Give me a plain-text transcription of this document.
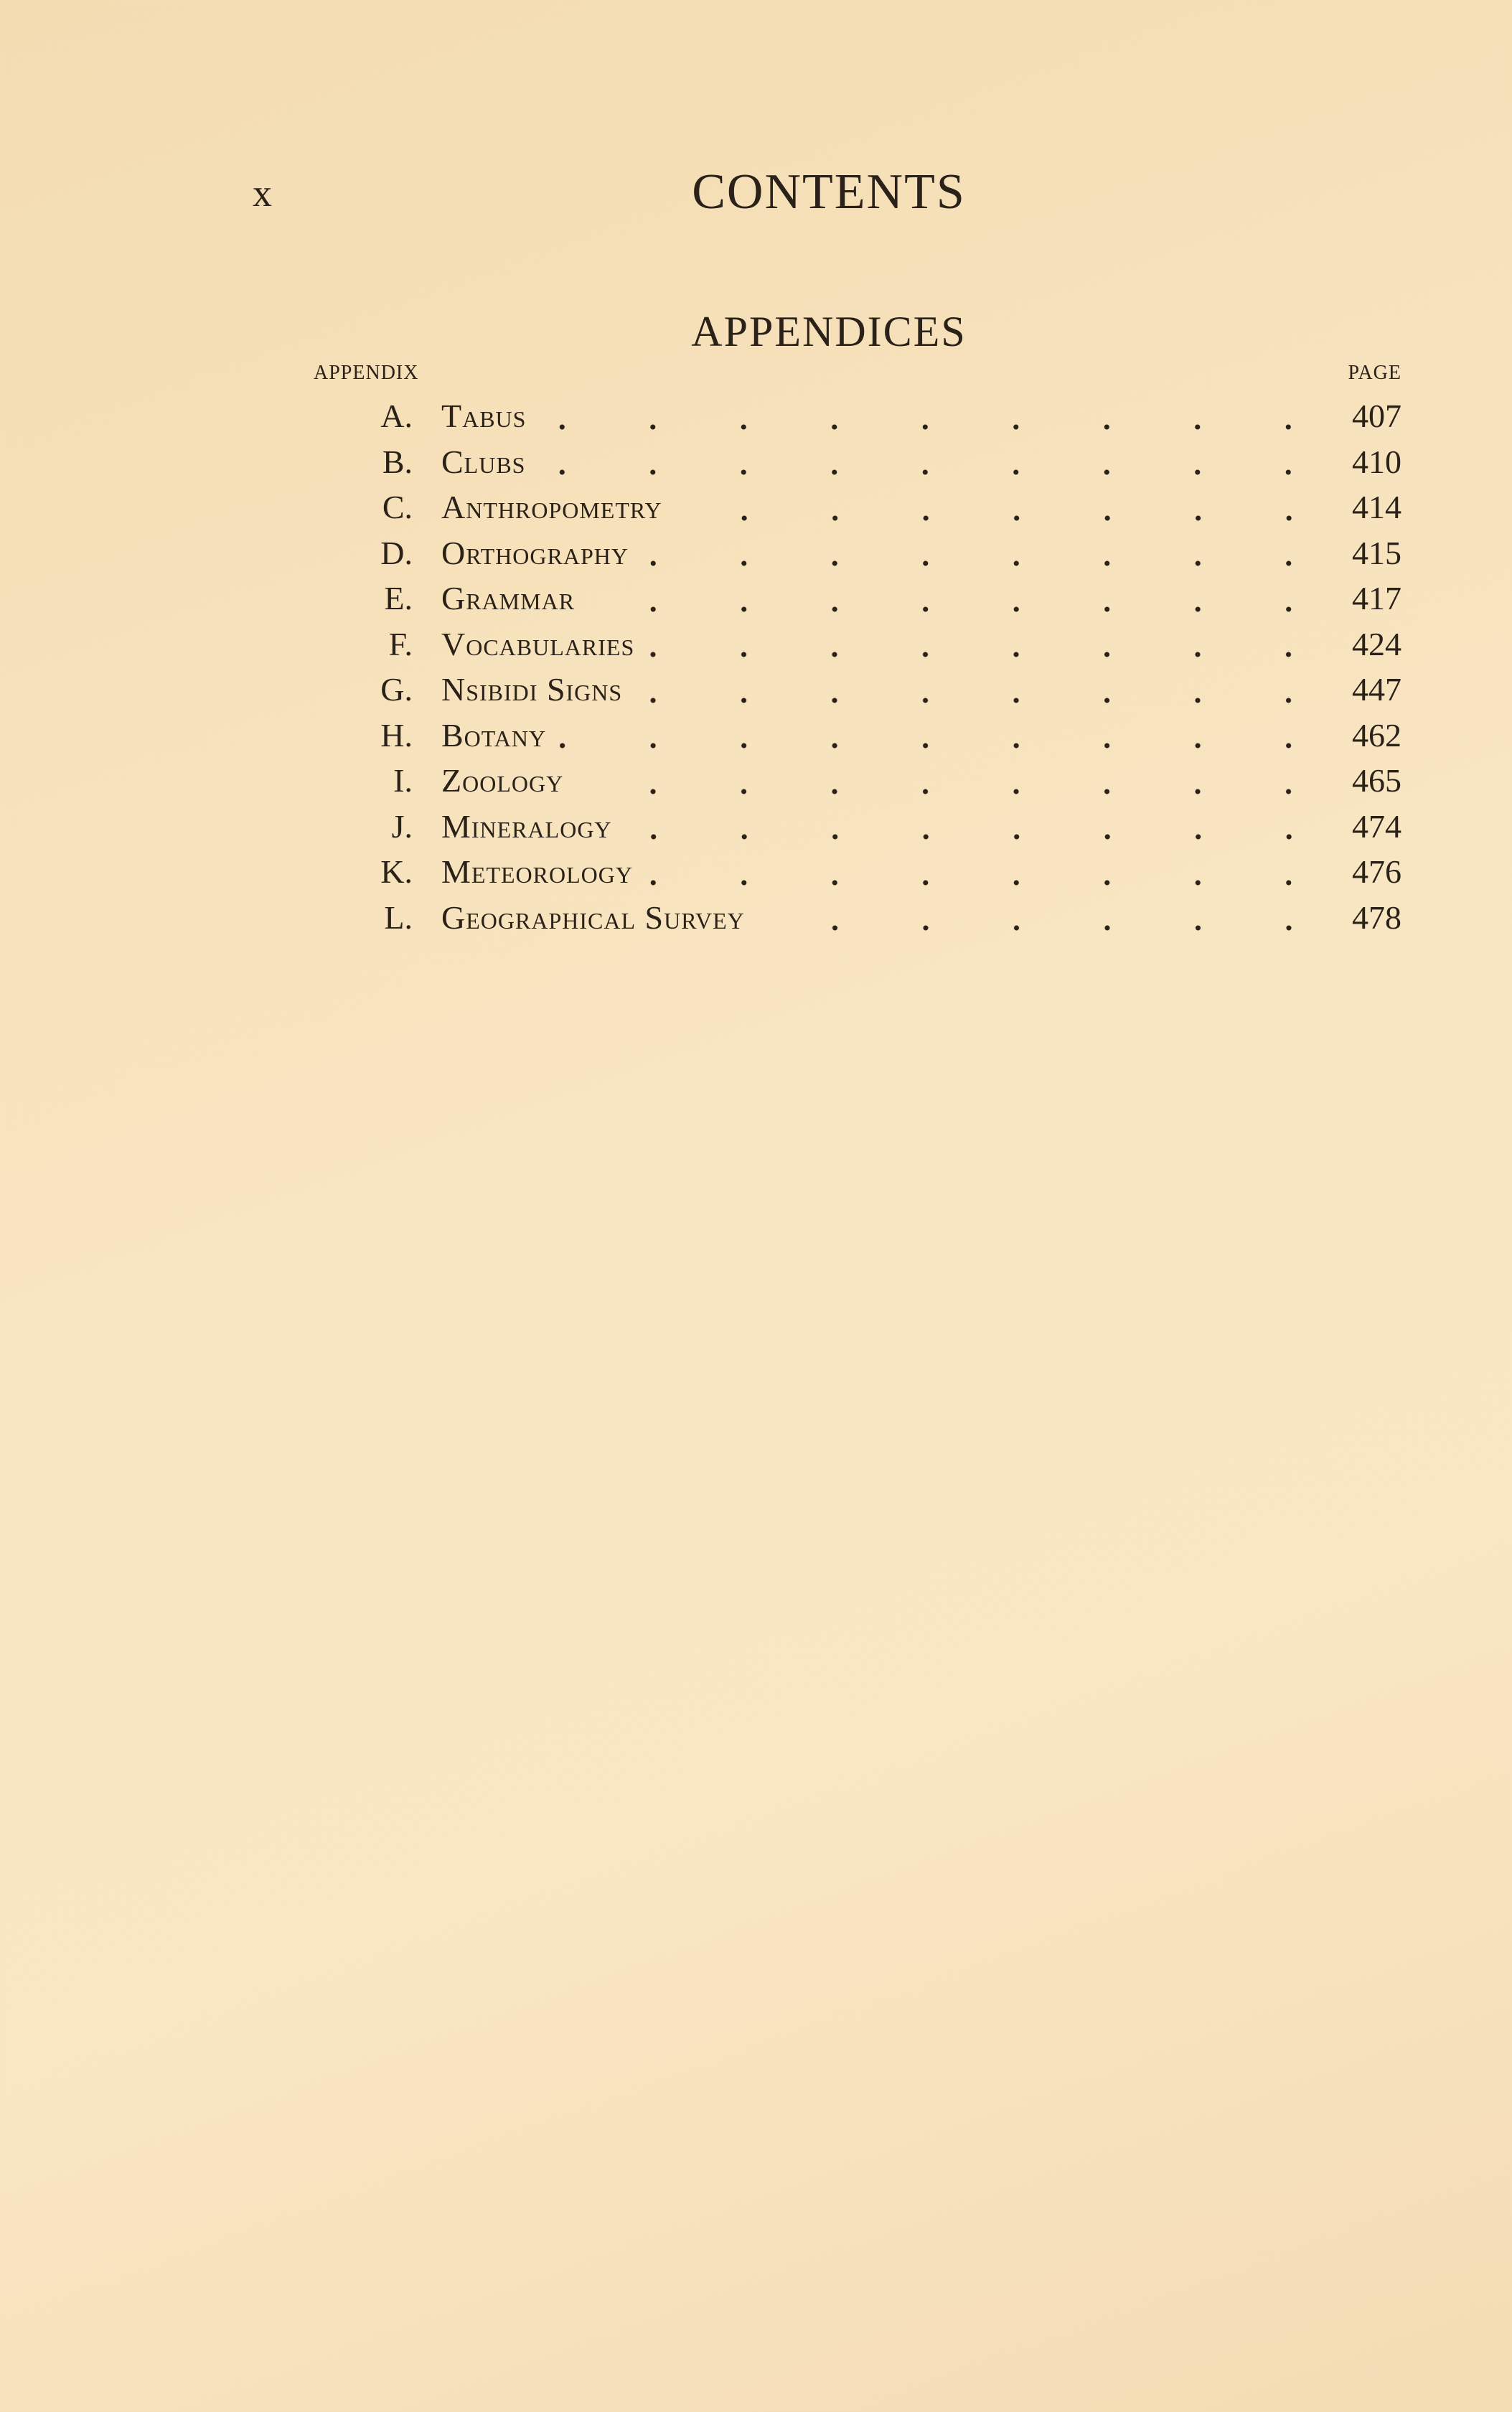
x	CONTENTS
APPENDICES
APPENDIX	PAGE
A. Tabus	407
B. Clubs	410
C. Anthropometry	414
D. Orthography	415
E. Grammar	417
F. Vocabularies	424
G. Nsibidi Signs	447
H. Botany	462
I. Zoology	465
J. Mineralogy	474
K. Meteorology	476
L. Geographical Survey	478
